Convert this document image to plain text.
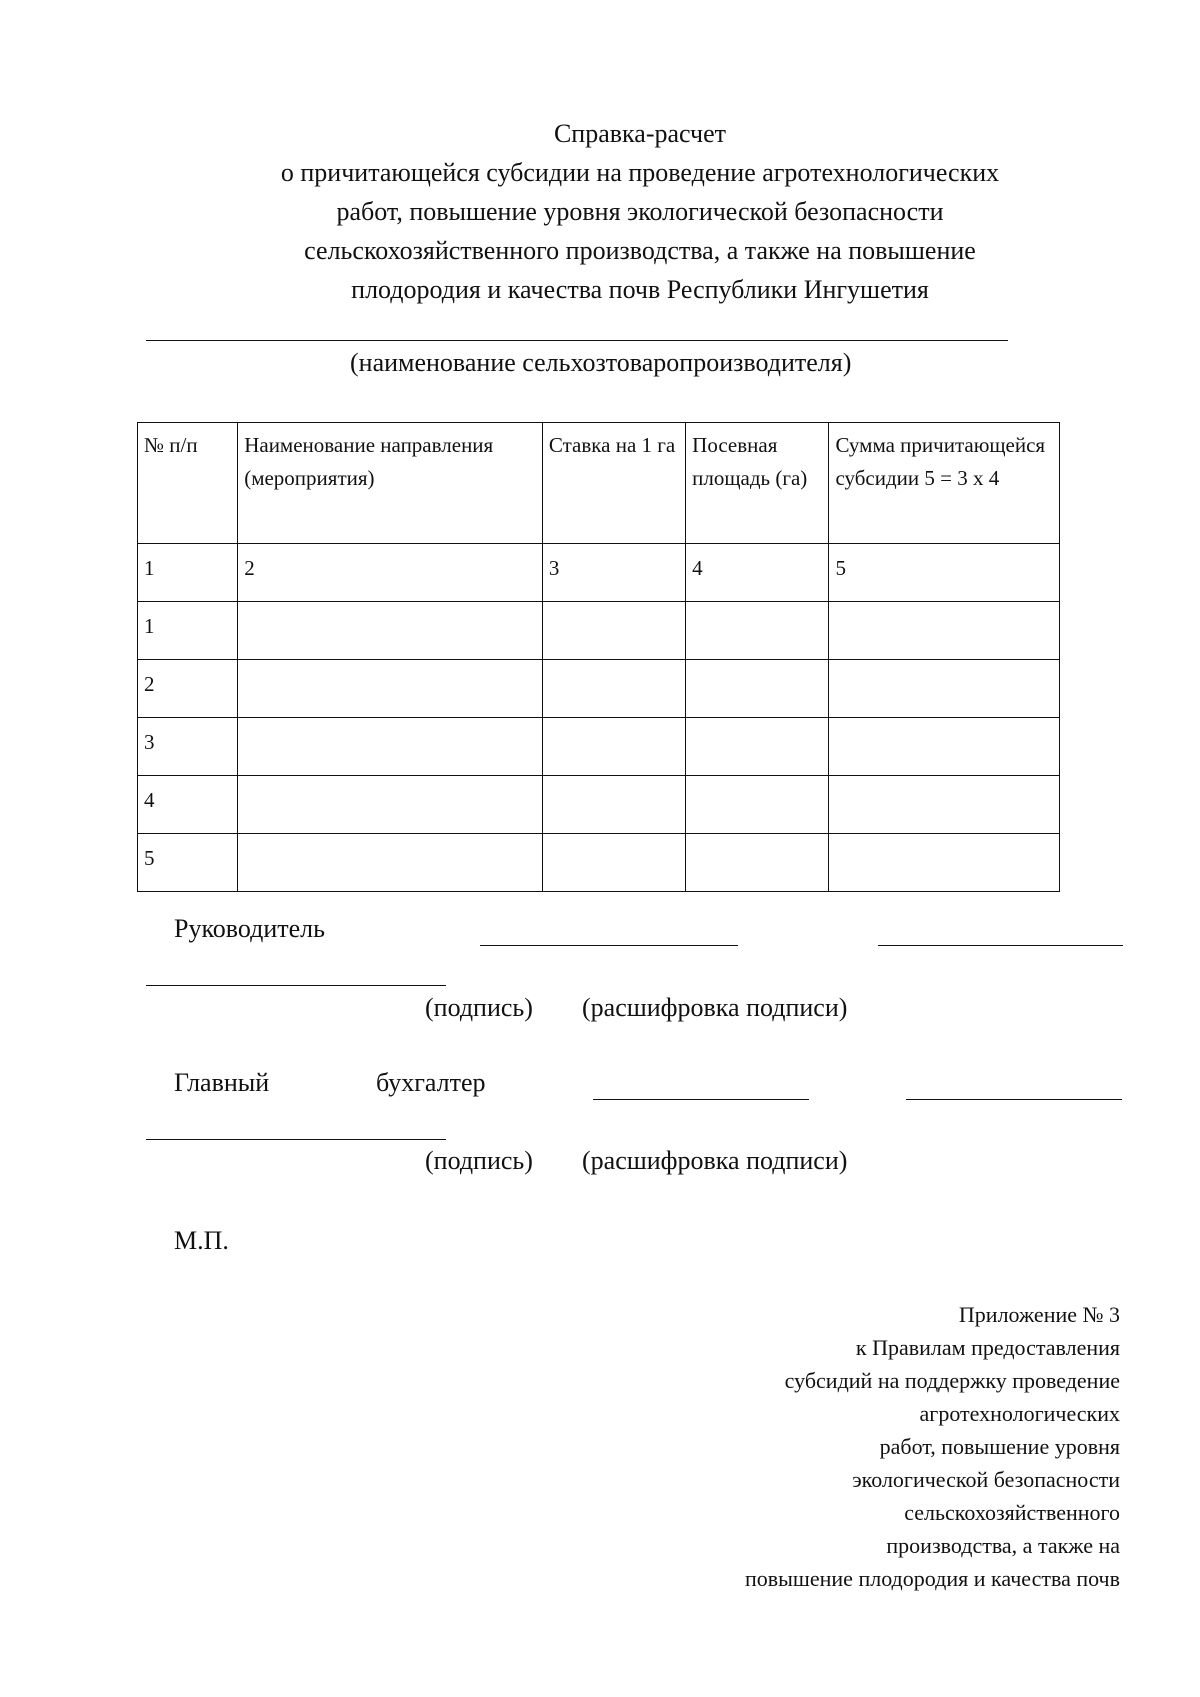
Справка-расчет
о причитающейся субсидии на проведение агротехнологических
работ, повышение уровня экологической безопасности
сельскохозяйственного производства, а также на повышение
плодородия и качества почв Республики Ингушетия
(наименование сельхозтоваропроизводителя)
№ п/п	Наименование направления (мероприятия)	Ставка на 1 га	Посевная площадь (га)	Сумма причитающейся субсидии 5 = 3 х 4
1	2	3	4	5
1				
2				
3				
4				
5				
Руководитель
(подпись) (расшифровка подписи)
Главный	бухгалтер
(подпись) (расшифровка подписи)
М.П.
Приложение № 3
к Правилам предоставления
субсидий на поддержку проведение
агротехнологических
работ, повышение уровня
экологической безопасности
сельскохозяйственного
производства, а также на
повышение плодородия и качества почв
